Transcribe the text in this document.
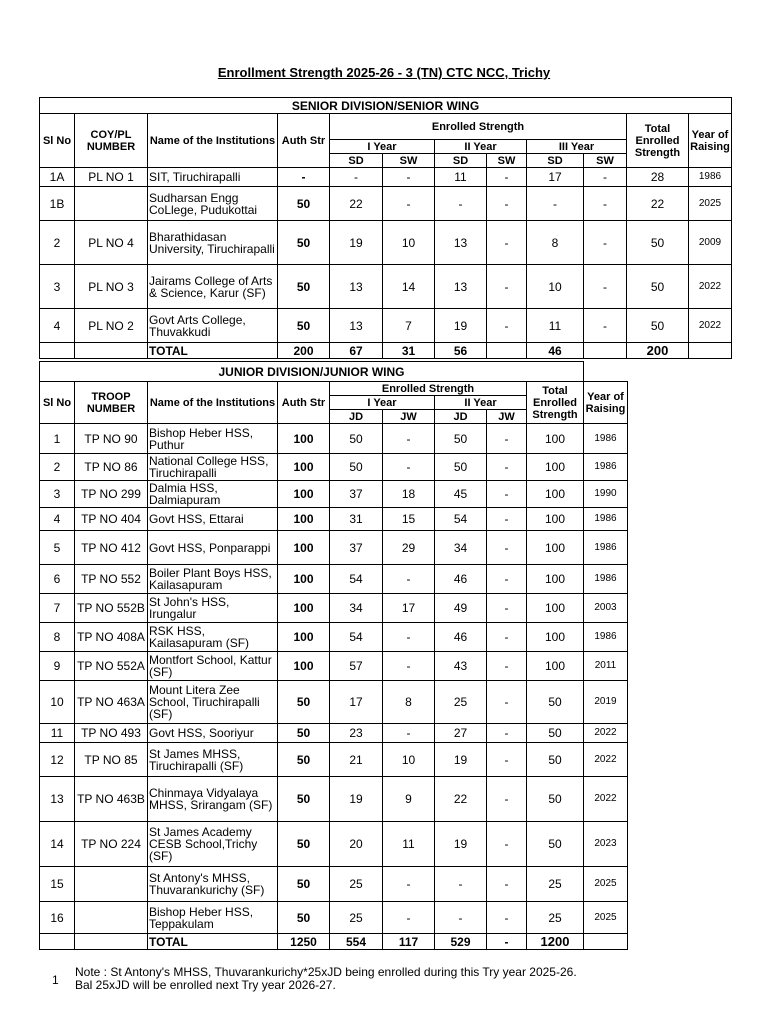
Enrollment Strength 2025-26 - 3 (TN) CTC NCC, Trichy
SENIOR DIVISION/SENIOR WING											
Sl No	COY/PL NUMBER	Name of the Institutions	Auth Str	Enrolled Strength						Total Enrolled Strength	Year of Raising
				I Year		II Year		III Year			
				SD	SW	SD	SW	SD	SW		
1A	PL NO 1	SIT, Tiruchirapalli	-	-	-	11	-	17	-	28	1986
1B		Sudharsan Engg CoLlege, Pudukottai	50	22	-	-	-	-	-	22	2025
2	PL NO 4	Bharathidasan University, Tiruchirapalli	50	19	10	13	-	8	-	50	2009
3	PL NO 3	Jairams College of Arts & Science, Karur (SF)	50	13	14	13	-	10	-	50	2022
4	PL NO 2	Govt Arts College, Thuvakkudi	50	13	7	19	-	11	-	50	2022
		TOTAL	200	67	31	56		46		200	
JUNIOR DIVISION/JUNIOR WING									
Sl No	TROOP NUMBER	Name of the Institutions	Auth Str	Enrolled Strength				Total Enrolled Strength	Year of Raising
				I Year		II Year			
				JD	JW	JD	JW		
1	TP NO 90	Bishop Heber HSS, Puthur	100	50	-	50	-	100	1986
2	TP NO 86	National College HSS, Tiruchirapalli	100	50	-	50	-	100	1986
3	TP NO 299	Dalmia HSS, Dalmiapuram	100	37	18	45	-	100	1990
4	TP NO 404	Govt HSS, Ettarai	100	31	15	54	-	100	1986
5	TP NO 412	Govt HSS, Ponparappi	100	37	29	34	-	100	1986
6	TP NO 552	Boiler Plant Boys HSS, Kailasapuram	100	54	-	46	-	100	1986
7	TP NO 552B	St John's HSS, Irungalur	100	34	17	49	-	100	2003
8	TP NO 408A	RSK HSS, Kailasapuram (SF)	100	54	-	46	-	100	1986
9	TP NO 552A	Montfort School, Kattur (SF)	100	57	-	43	-	100	2011
10	TP NO 463A	Mount Litera Zee School, Tiruchirapalli (SF)	50	17	8	25	-	50	2019
11	TP NO 493	Govt HSS, Sooriyur	50	23	-	27	-	50	2022
12	TP NO 85	St James MHSS, Tiruchirapalli (SF)	50	21	10	19	-	50	2022
13	TP NO 463B	Chinmaya Vidyalaya MHSS, Srirangam (SF)	50	19	9	22	-	50	2022
14	TP NO 224	St James Academy CESB School,Trichy (SF)	50	20	11	19	-	50	2023
15		St Antony's MHSS, Thuvarankurichy (SF)	50	25	-	-	-	25	2025
16		Bishop Heber HSS, Teppakulam	50	25	-	-	-	25	2025
		TOTAL	1250	554	117	529	-	1200	
1
Note : St Antony's MHSS, Thuvarankurichy*25xJD being enrolled during this Try year 2025-26.
Bal 25xJD will be enrolled next Try year 2026-27.
